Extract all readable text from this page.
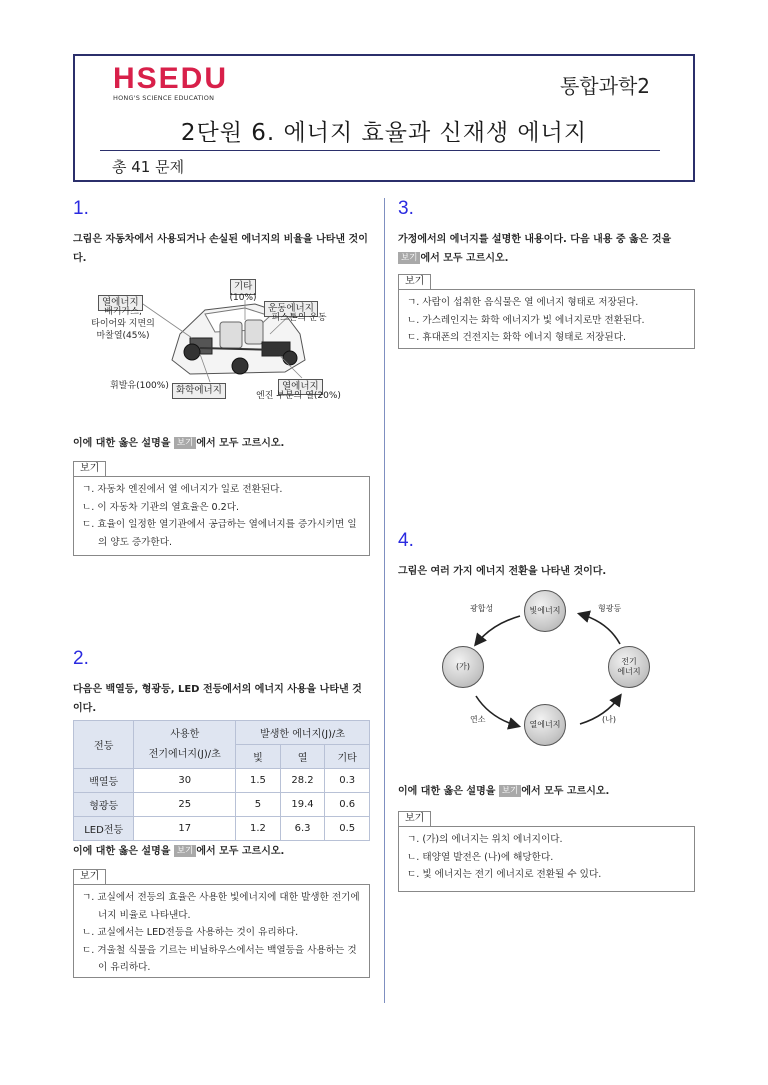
HSEDU
HONG'S SCIENCE EDUCATION	통합과학2
2단원 6. 에너지 효율과 신재생 에너지
총 41 문제
1.
그림은 자동차에서 사용되거나 손실된 에너지의 비율을 나타낸 것이다.
열에너지
배기가스,
타이어와 지면의
마찰열(45%)
기타
(10%)
운동에너지
피스톤의 운동
휘발유(100%) 화학에너지	열에너지
엔진 부분의 열(20%)
이에 대한 옳은 설명을 보기 에서 모두 고르시오.
보기
ㄱ. 자동차 엔진에서 열 에너지가 일로 전환된다.
ㄴ. 이 자동차 기관의 열효율은 0.2다.
ㄷ. 효율이 일정한 열기관에서 공급하는 열에너지를 증가시키면 일의 양도 증가한다.
2.
다음은 백열등, 형광등, LED 전등에서의 에너지 사용을 나타낸 것이다.
전등	사용한
전기에너지(J)/초	발생한 에너지(J)/초		
		빛	열	기타
백열등	30	1.5	28.2	0.3
형광등	25	5	19.4	0.6
LED전등	17	1.2	6.3	0.5
이에 대한 옳은 설명을 보기 에서 모두 고르시오.
보기
ㄱ. 교실에서 전등의 효율은 사용한 빛에너지에 대한 발생한 전기에너지 비율로 나타낸다.
ㄴ. 교실에서는 LED전등을 사용하는 것이 유리하다.
ㄷ. 겨울철 식물을 기르는 비닐하우스에서는 백열등을 사용하는 것이 유리하다.
3.
가정에서의 에너지를 설명한 내용이다. 다음 내용 중 옳은 것을 보기 에서 모두 고르시오.
보기
ㄱ. 사람이 섭취한 음식물은 열 에너지 형태로 저장된다.
ㄴ. 가스레인지는 화학 에너지가 빛 에너지로만 전환된다.
ㄷ. 휴대폰의 건전지는 화학 에너지 형태로 저장된다.
4.
그림은 여러 가지 에너지 전환을 나타낸 것이다.
빛에너지
(가)
전기
에너지
열에너지
광합성	형광등
연소	(나)
이에 대한 옳은 설명을 보기 에서 모두 고르시오.
보기
ㄱ. (가)의 에너지는 위치 에너지이다.
ㄴ. 태양열 발전은 (나)에 해당한다.
ㄷ. 빛 에너지는 전기 에너지로 전환될 수 있다.
